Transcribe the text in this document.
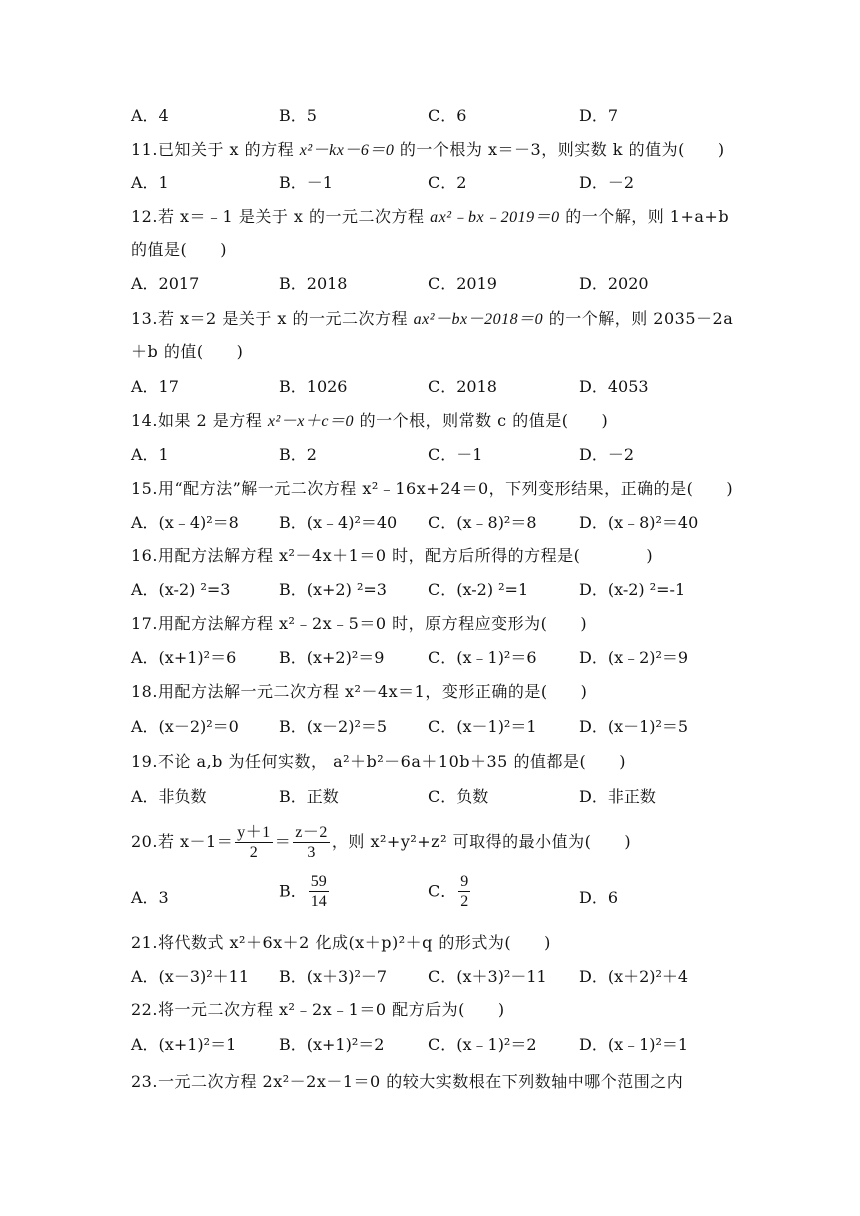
A．4	B．5	C．6	D．7
11.已知关于 x 的方程 x²－kx－6＝0 的一个根为 x＝－3，则实数 k 的值为(　　)
A．1	B．－1	C．2	D．－2
12.若 x＝﹣1 是关于 x 的一元二次方程 ax²﹣bx﹣2019＝0 的一个解，则 1+a+b
的值是(　　)
A．2017	B．2018	C．2019	D．2020
13.若 x＝2 是关于 x 的一元二次方程 ax²－bx－2018＝0 的一个解，则 2035－2a
＋b 的值(　　)
A．17	B．1026	C．2018	D．4053
14.如果 2 是方程 x²－x＋c＝0 的一个根，则常数 c 的值是(　　)
A．1	B．2	C．－1	D．－2
15.用“配方法”解一元二次方程 x²﹣16x+24＝0，下列变形结果，正确的是(　　)
A．(x﹣4)²＝8	B．(x﹣4)²＝40 C．(x﹣8)²＝8	D．(x﹣8)²＝40
16.用配方法解方程 x²－4x＋1＝0 时，配方后所得的方程是(　　　　)
A．(x-2) ²=3	B．(x+2) ²=3	C．(x-2) ²=1	D．(x-2) ²=-1
17.用配方法解方程 x²﹣2x﹣5＝0 时，原方程应变形为(　　)
A．(x+1)²＝6	B．(x+2)²＝9	C．(x﹣1)²＝6	D．(x﹣2)²＝9
18.用配方法解一元二次方程 x²－4x＝1，变形正确的是(　　)
A．(x－2)²＝0	B．(x－2)²＝5	C．(x－1)²＝1	D．(x－1)²＝5
19.不论 a,b 为任何实数， a²＋b²－6a＋10b＋35 的值都是(　　)
A．非负数	B．正数	C．负数	D．非正数
20.若 $x-1= \frac{y+1}{2} = \frac{z-2}{3}$ ，则 x²+y²+z² 可取得的最小值为(　　)
A．3	B． $\frac{59}{14}$	C． $\frac{9}{2}$	D．6
21.将代数式 x²＋6x＋2 化成(x＋p)²＋q 的形式为(　　)
A．(x－3)²＋11 B．(x＋3)²－7	C．(x＋3)²－11 D．(x＋2)²＋4
22.将一元二次方程 x²﹣2x﹣1＝0 配方后为(　　)
A．(x+1)²＝1	B．(x+1)²＝2	C．(x﹣1)²＝2	D．(x﹣1)²＝1
23.一元二次方程 2x²－2x－1＝0 的较大实数根在下列数轴中哪个范围之内
